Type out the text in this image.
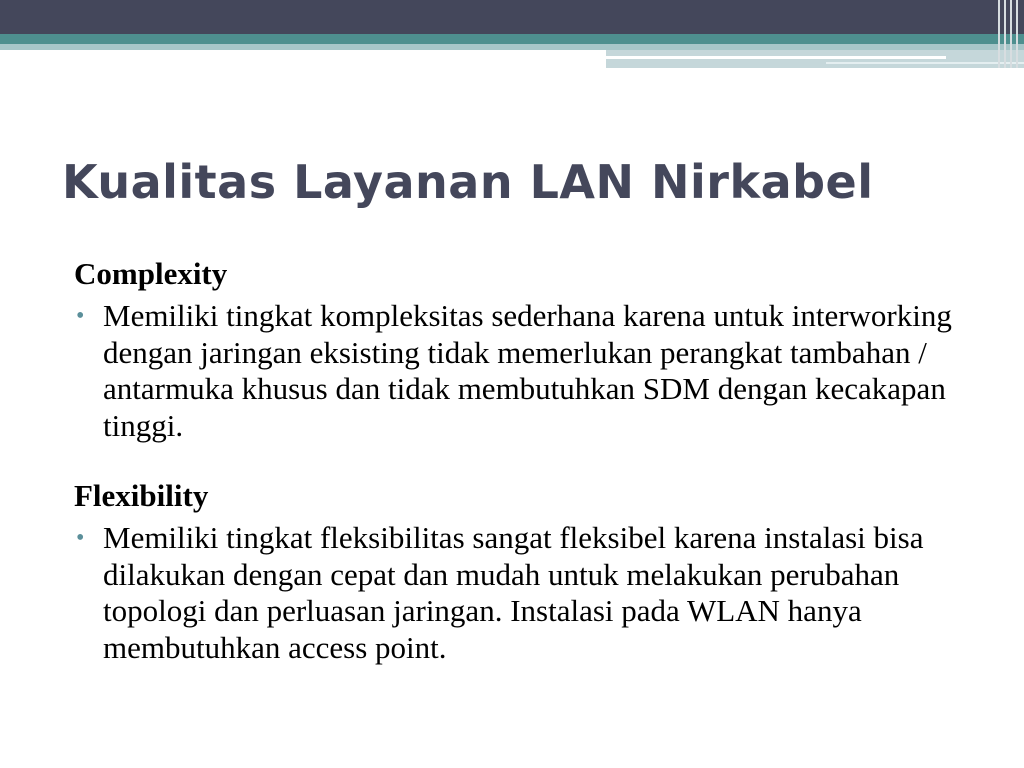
Kualitas Layanan LAN Nirkabel
Complexity
• Memiliki tingkat kompleksitas sederhana karena untuk interworking dengan jaringan eksisting tidak memerlukan perangkat tambahan / antarmuka khusus dan tidak membutuhkan SDM dengan kecakapan tinggi.
Flexibility
• Memiliki tingkat fleksibilitas sangat fleksibel karena instalasi bisa dilakukan dengan cepat dan mudah untuk melakukan perubahan topologi dan perluasan jaringan. Instalasi pada WLAN hanya membutuhkan access point.
